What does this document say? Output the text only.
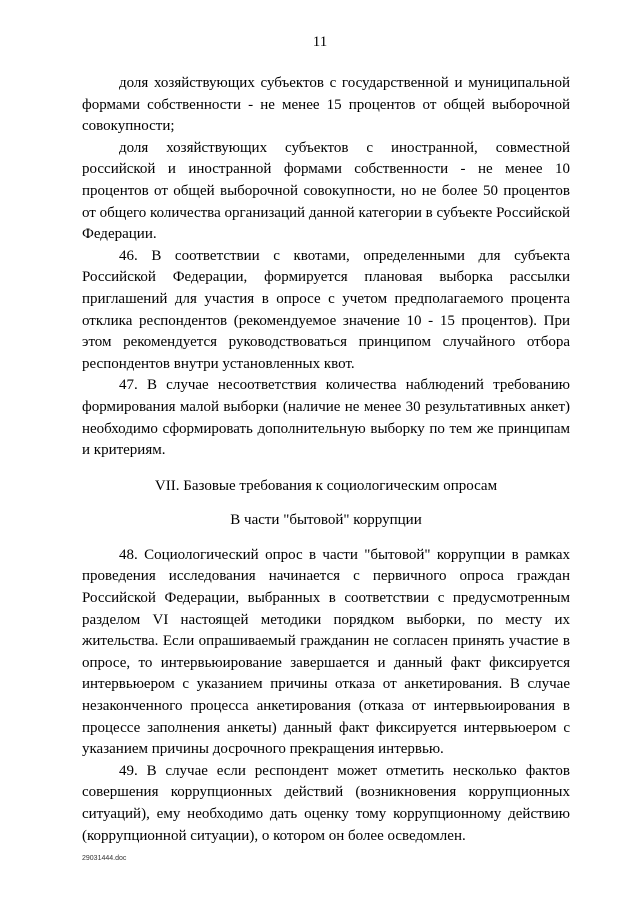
11

доля хозяйствующих субъектов с государственной и муниципальной формами собственности - не менее 15 процентов от общей выборочной совокупности;

доля хозяйствующих субъектов с иностранной, совместной российской и иностранной формами собственности - не менее 10 процентов от общей выборочной совокупности, но не более 50 процентов от общего количества организаций данной категории в субъекте Российской Федерации.

46. В соответствии с квотами, определенными для субъекта Российской Федерации, формируется плановая выборка рассылки приглашений для участия в опросе с учетом предполагаемого процента отклика респондентов (рекомендуемое значение 10 - 15 процентов). При этом рекомендуется руководствоваться принципом случайного отбора респондентов внутри установленных квот.

47. В случае несоответствия количества наблюдений требованию формирования малой выборки (наличие не менее 30 результативных анкет) необходимо сформировать дополнительную выборку по тем же принципам и критериям.

VII. Базовые требования к социологическим опросам

В части "бытовой" коррупции

48. Социологический опрос в части "бытовой" коррупции в рамках проведения исследования начинается с первичного опроса граждан Российской Федерации, выбранных в соответствии с предусмотренным разделом VI настоящей методики порядком выборки, по месту их жительства. Если опрашиваемый гражданин не согласен принять участие в опросе, то интервьюирование завершается и данный факт фиксируется интервьюером с указанием причины отказа от анкетирования. В случае незаконченного процесса анкетирования (отказа от интервьюирования в процессе заполнения анкеты) данный факт фиксируется интервьюером с указанием причины досрочного прекращения интервью.

49. В случае если респондент может отметить несколько фактов совершения коррупционных действий (возникновения коррупционных ситуаций), ему необходимо дать оценку тому коррупционному действию (коррупционной ситуации), о котором он более осведомлен.

29031444.doc
